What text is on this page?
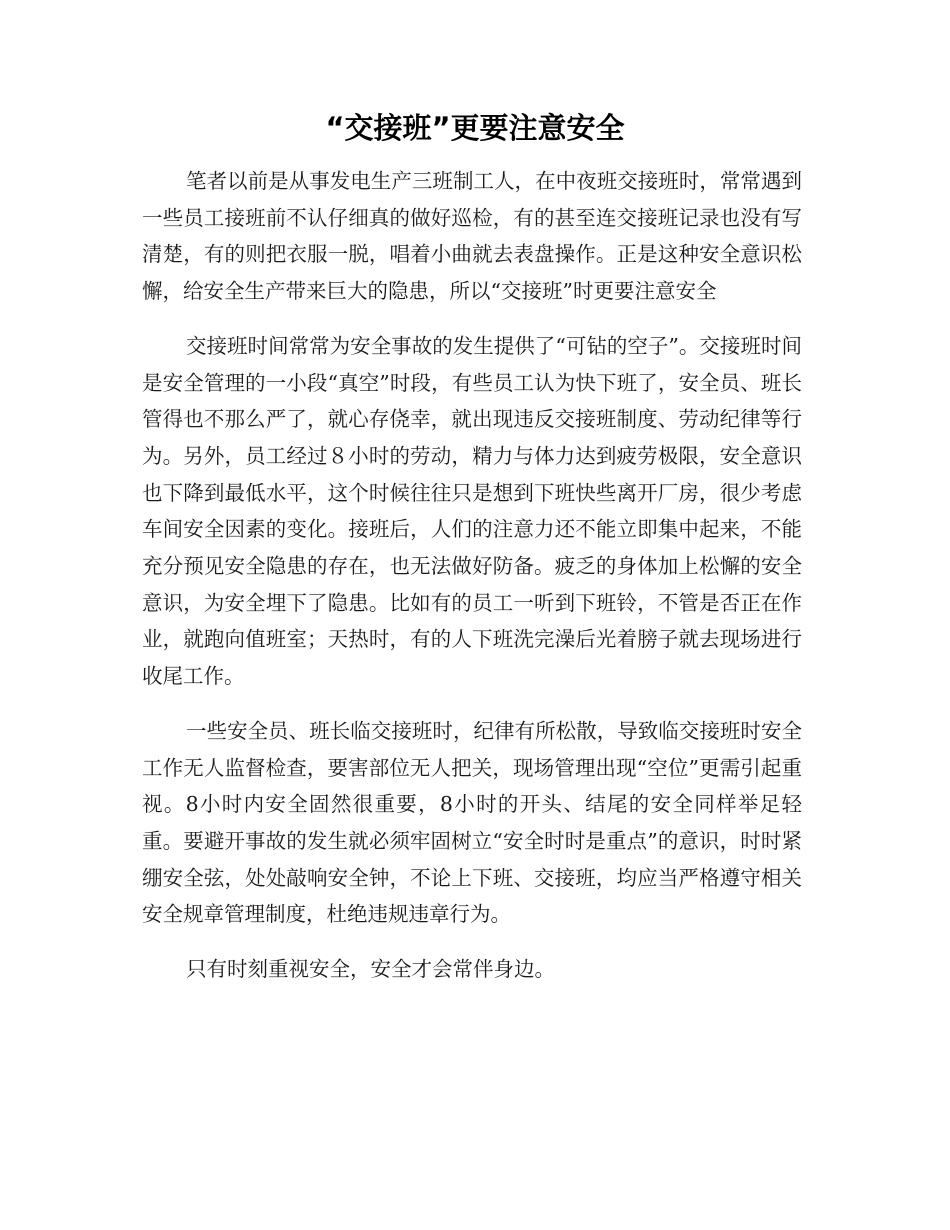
“交接班”更要注意安全

笔者以前是从事发电生产三班制工人，在中夜班交接班时，常常遇到一些员工接班前不认仔细真的做好巡检，有的甚至连交接班记录也没有写清楚，有的则把衣服一脱，唱着小曲就去表盘操作。正是这种安全意识松懈，给安全生产带来巨大的隐患，所以“交接班”时更要注意安全

交接班时间常常为安全事故的发生提供了“可钻的空子”。交接班时间是安全管理的一小段“真空”时段，有些员工认为快下班了，安全员、班长管得也不那么严了，就心存侥幸，就出现违反交接班制度、劳动纪律等行为。另外，员工经过８小时的劳动，精力与体力达到疲劳极限，安全意识也下降到最低水平，这个时候往往只是想到下班快些离开厂房，很少考虑车间安全因素的变化。接班后，人们的注意力还不能立即集中起来，不能充分预见安全隐患的存在，也无法做好防备。疲乏的身体加上松懈的安全意识，为安全埋下了隐患。比如有的员工一听到下班铃，不管是否正在作业，就跑向值班室；天热时，有的人下班洗完澡后光着膀子就去现场进行收尾工作。

一些安全员、班长临交接班时，纪律有所松散，导致临交接班时安全工作无人监督检查，要害部位无人把关，现场管理出现“空位”更需引起重视。8小时内安全固然很重要，8小时的开头、结尾的安全同样举足轻重。要避开事故的发生就必须牢固树立“安全时时是重点”的意识，时时紧绷安全弦，处处敲响安全钟，不论上下班、交接班，均应当严格遵守相关安全规章管理制度，杜绝违规违章行为。

只有时刻重视安全，安全才会常伴身边。
